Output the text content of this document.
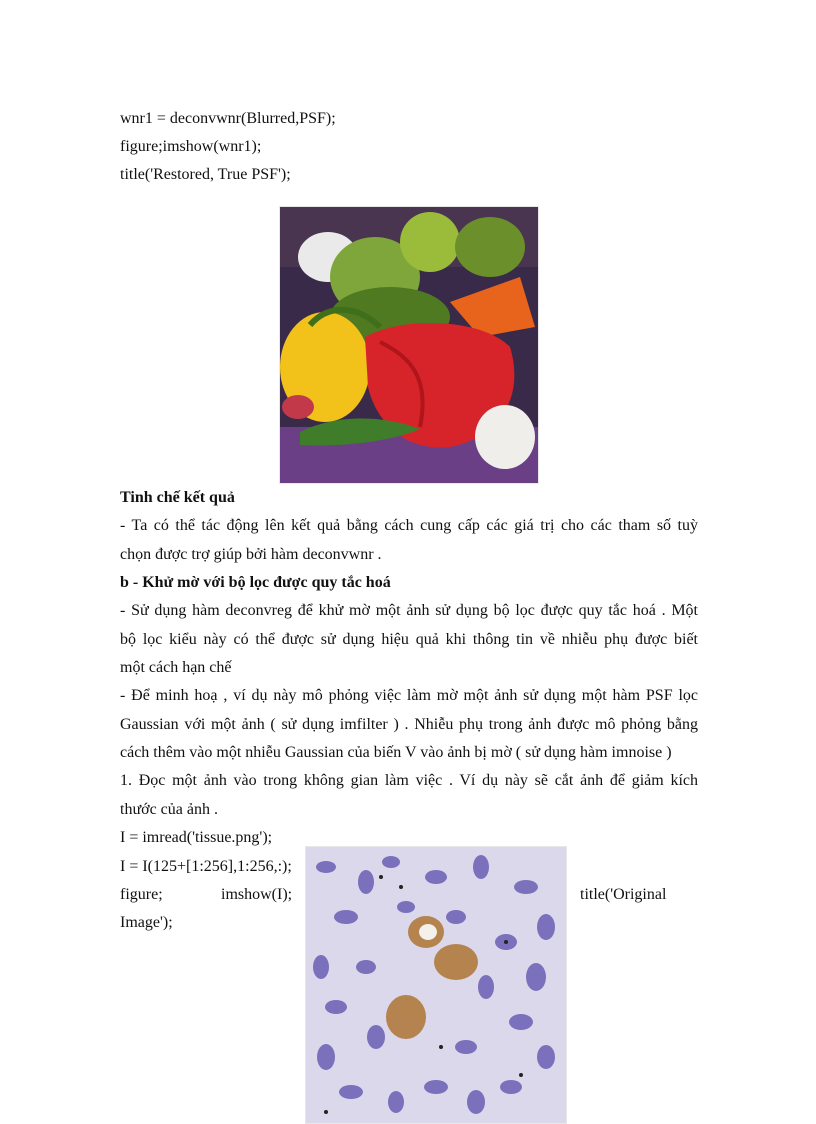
wnr1 = deconvwnr(Blurred,PSF);
figure;imshow(wnr1);
title('Restored, True PSF');
Tinh chế kết quả
- Ta có thể tác động lên kết quả bằng cách cung cấp các giá trị cho các tham số tuỳ
chọn được trợ giúp bởi hàm deconvwnr .
b - Khử mờ với bộ lọc được quy tắc hoá
- Sử dụng hàm deconvreg để khử mờ một ảnh sử dụng bộ lọc được quy tắc hoá . Một
bộ lọc kiểu này có thể được sử dụng hiệu quả khi thông tin về nhiễu phụ được biết
một cách hạn chế
- Để minh hoạ , ví dụ này mô phỏng việc làm mờ một ảnh sử dụng một hàm PSF lọc
Gaussian với một ảnh ( sử dụng imfilter ) . Nhiễu phụ trong ảnh được mô phỏng bằng
cách thêm vào một nhiễu Gaussian của biến V vào ảnh bị mờ ( sử dụng hàm imnoise )
1. Đọc một ảnh vào trong không gian làm việc . Ví dụ này sẽ cắt ảnh để giảm kích
thước của ảnh .
I = imread('tissue.png');
I = I(125+[1:256],1:256,:);
figure;	imshow(I);	title('Original
Image');
